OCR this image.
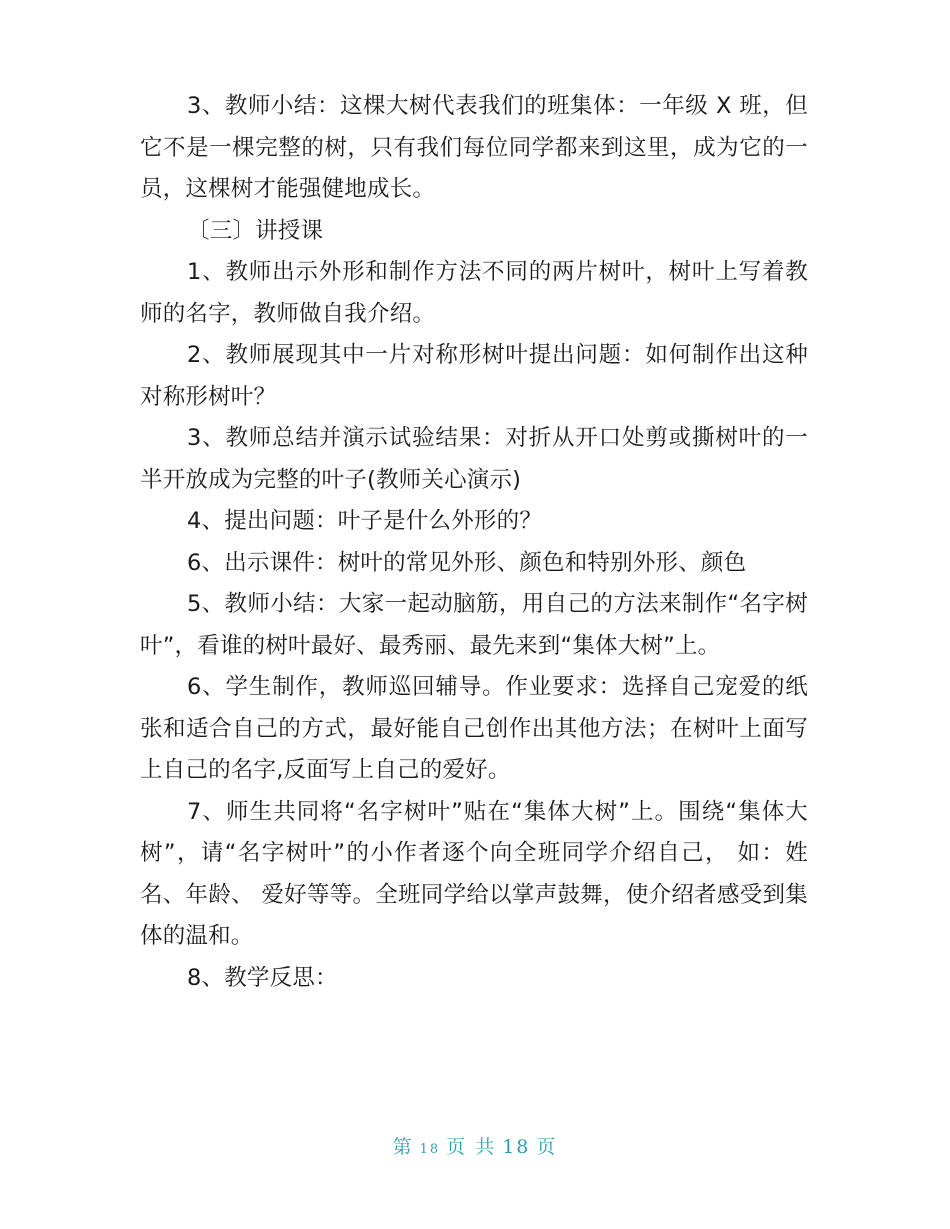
3、教师小结：这棵大树代表我们的班集体：一年级 X 班，但它不是一棵完整的树，只有我们每位同学都来到这里，成为它的一员，这棵树才能强健地成长。

〔三〕讲授课

1、教师出示外形和制作方法不同的两片树叶，树叶上写着教师的名字，教师做自我介绍。

2、教师展现其中一片对称形树叶提出问题：如何制作出这种对称形树叶？

3、教师总结并演示试验结果：对折从开口处剪或撕树叶的一半开放成为完整的叶子(教师关心演示)

4、提出问题：叶子是什么外形的？

6、出示课件：树叶的常见外形、颜色和特别外形、颜色

5、教师小结：大家一起动脑筋，用自己的方法来制作“名字树叶”，看谁的树叶最好、最秀丽、最先来到“集体大树”上。

6、学生制作，教师巡回辅导。作业要求：选择自己宠爱的纸张和适合自己的方式，最好能自己创作出其他方法；在树叶上面写上自己的名字,反面写上自己的爱好。

7、师生共同将“名字树叶”贴在“集体大树”上。围绕“集体大树”，请“名字树叶”的小作者逐个向全班同学介绍自己， 如：姓名、年龄、 爱好等等。全班同学给以掌声鼓舞，使介绍者感受到集体的温和。

8、教学反思：

第 18 页 共 18 页
